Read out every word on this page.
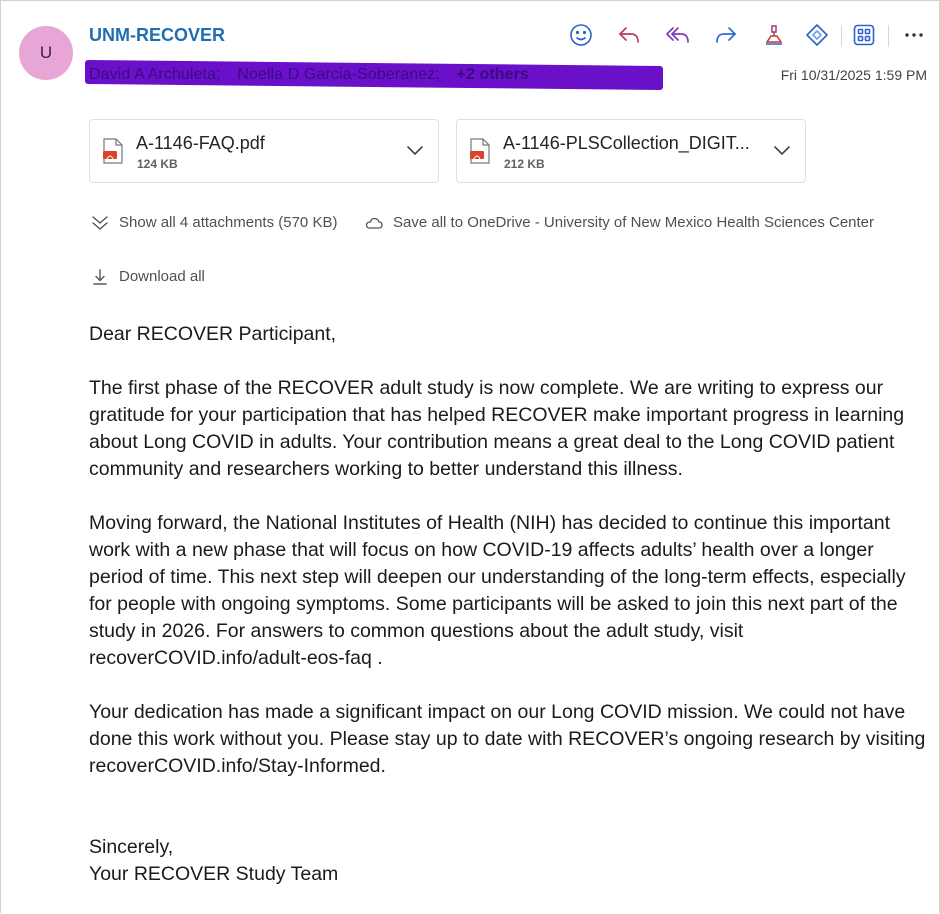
U
UNM-RECOVER
David A Archuleta; Noella D Garcia-Soberanez; +2 others	Fri 10/31/2025 1:59 PM
A-1146-FAQ.pdf
124 KB
A-1146-PLSCollection_DIGIT...
212 KB
Show all 4 attachments (570 KB)	Save all to OneDrive - University of New Mexico Health Sciences Center
Download all

Dear RECOVER Participant,

The first phase of the RECOVER adult study is now complete. We are writing to express our gratitude for your participation that has helped RECOVER make important progress in learning about Long COVID in adults. Your contribution means a great deal to the Long COVID patient community and researchers working to better understand this illness.

Moving forward, the National Institutes of Health (NIH) has decided to continue this important work with a new phase that will focus on how COVID-19 affects adults’ health over a longer period of time. This next step will deepen our understanding of the long-term effects, especially for people with ongoing symptoms. Some participants will be asked to join this next part of the study in 2026. For answers to common questions about the adult study, visit recoverCOVID.info/adult-eos-faq .

Your dedication has made a significant impact on our Long COVID mission. We could not have done this work without you. Please stay up to date with RECOVER’s ongoing research by visiting recoverCOVID.info/Stay-Informed.

Sincerely,
Your RECOVER Study Team
